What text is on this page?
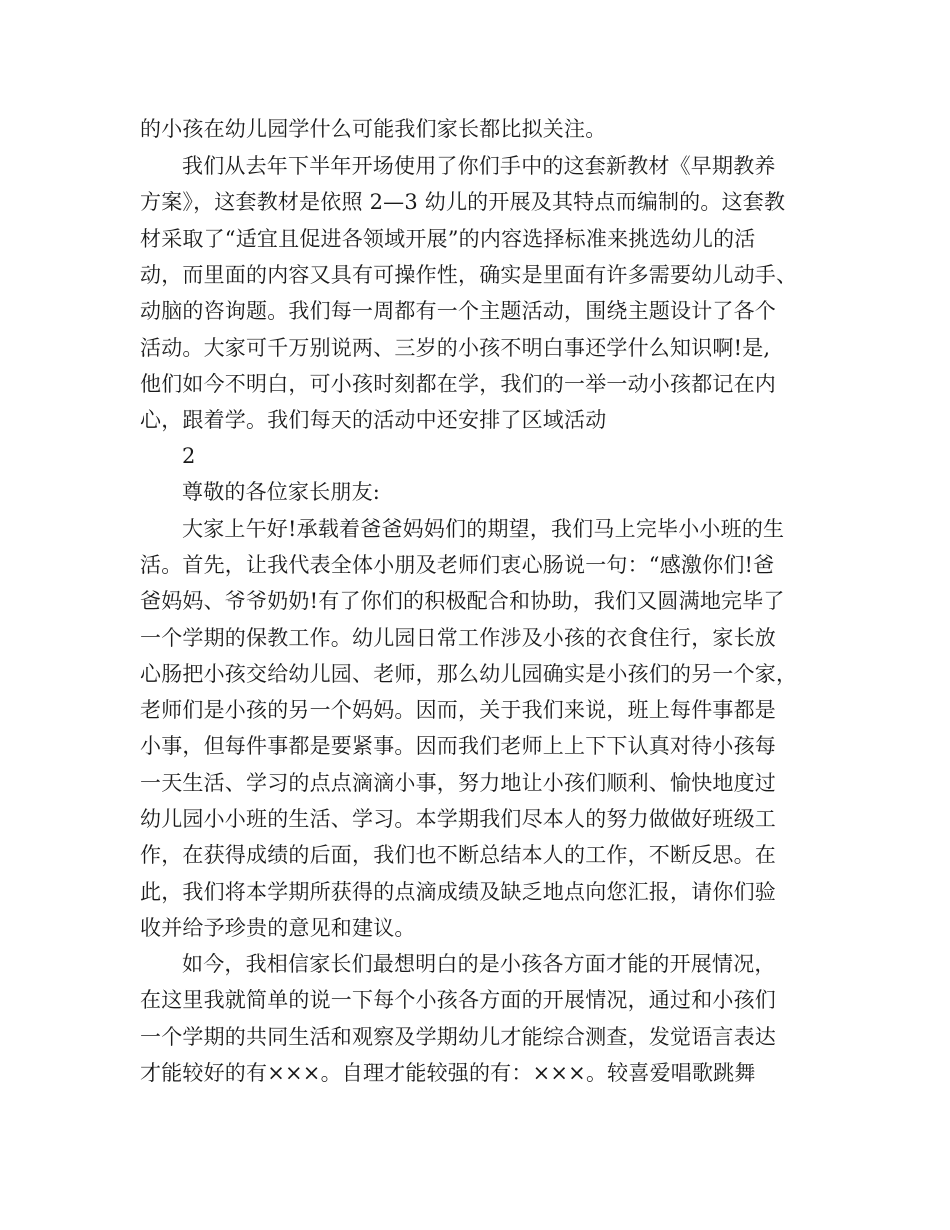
的小孩在幼儿园学什么可能我们家长都比拟关注。
我们从去年下半年开场使用了你们手中的这套新教材《早期教养
方案》，这套教材是依照 2—3 幼儿的开展及其特点而编制的。这套教
材采取了“适宜且促进各领域开展”的内容选择标准来挑选幼儿的活
动，而里面的内容又具有可操作性，确实是里面有许多需要幼儿动手、
动脑的咨询题。我们每一周都有一个主题活动，围绕主题设计了各个
活动。大家可千万别说两、三岁的小孩不明白事还学什么知识啊!是,
他们如今不明白，可小孩时刻都在学，我们的一举一动小孩都记在内
心，跟着学。我们每天的活动中还安排了区域活动
2
尊敬的各位家长朋友:
大家上午好!承载着爸爸妈妈们的期望，我们马上完毕小小班的生
活。首先，让我代表全体小朋及老师们衷心肠说一句：“感激你们!爸
爸妈妈、爷爷奶奶!有了你们的积极配合和协助，我们又圆满地完毕了
一个学期的保教工作。幼儿园日常工作涉及小孩的衣食住行，家长放
心肠把小孩交给幼儿园、老师，那么幼儿园确实是小孩们的另一个家，
老师们是小孩的另一个妈妈。因而，关于我们来说，班上每件事都是
小事，但每件事都是要紧事。因而我们老师上上下下认真对待小孩每
一天生活、学习的点点滴滴小事，努力地让小孩们顺利、愉快地度过
幼儿园小小班的生活、学习。本学期我们尽本人的努力做做好班级工
作，在获得成绩的后面，我们也不断总结本人的工作，不断反思。在
此，我们将本学期所获得的点滴成绩及缺乏地点向您汇报，请你们验
收并给予珍贵的意见和建议。
如今，我相信家长们最想明白的是小孩各方面才能的开展情况，
在这里我就简单的说一下每个小孩各方面的开展情况，通过和小孩们
一个学期的共同生活和观察及学期幼儿才能综合测查，发觉语言表达
才能较好的有×××。自理才能较强的有：×××。较喜爱唱歌跳舞
